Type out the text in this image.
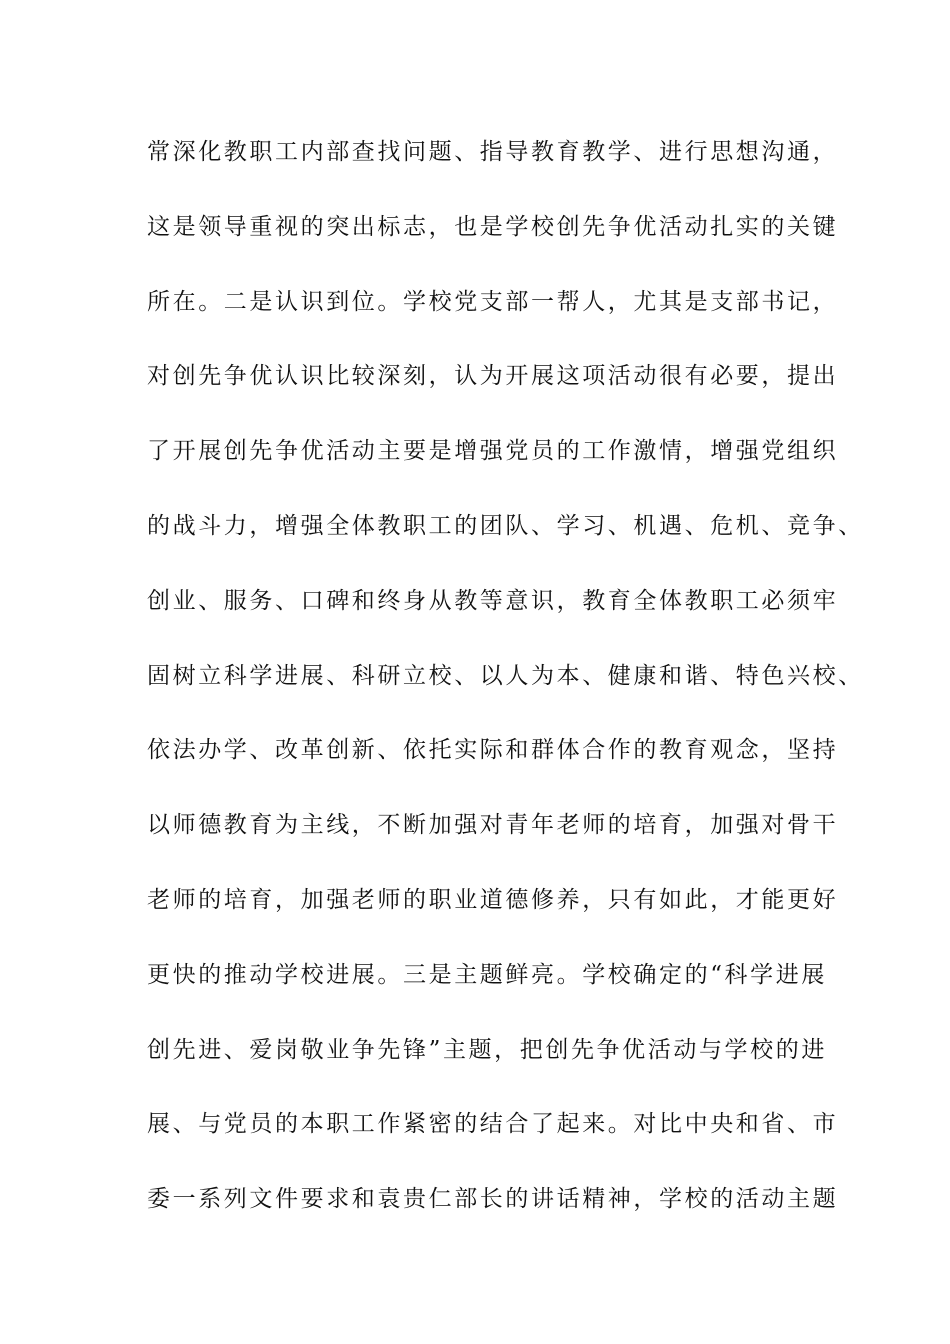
常深化教职工内部查找问题、指导教育教学、进行思想沟通，
这是领导重视的突出标志，也是学校创先争优活动扎实的关键
所在。二是认识到位。学校党支部一帮人，尤其是支部书记，
对创先争优认识比较深刻，认为开展这项活动很有必要，提出
了开展创先争优活动主要是增强党员的工作激情，增强党组织
的战斗力，增强全体教职工的团队、学习、机遇、危机、竞争、
创业、服务、口碑和终身从教等意识，教育全体教职工必须牢
固树立科学进展、科研立校、以人为本、健康和谐、特色兴校、
依法办学、改革创新、依托实际和群体合作的教育观念，坚持
以师德教育为主线，不断加强对青年老师的培育，加强对骨干
老师的培育，加强老师的职业道德修养，只有如此，才能更好
更快的推动学校进展。三是主题鲜亮。学校确定的“科学进展
创先进、爱岗敬业争先锋”主题，把创先争优活动与学校的进
展、与党员的本职工作紧密的结合了起来。对比中央和省、市
委一系列文件要求和袁贵仁部长的讲话精神，学校的活动主题
